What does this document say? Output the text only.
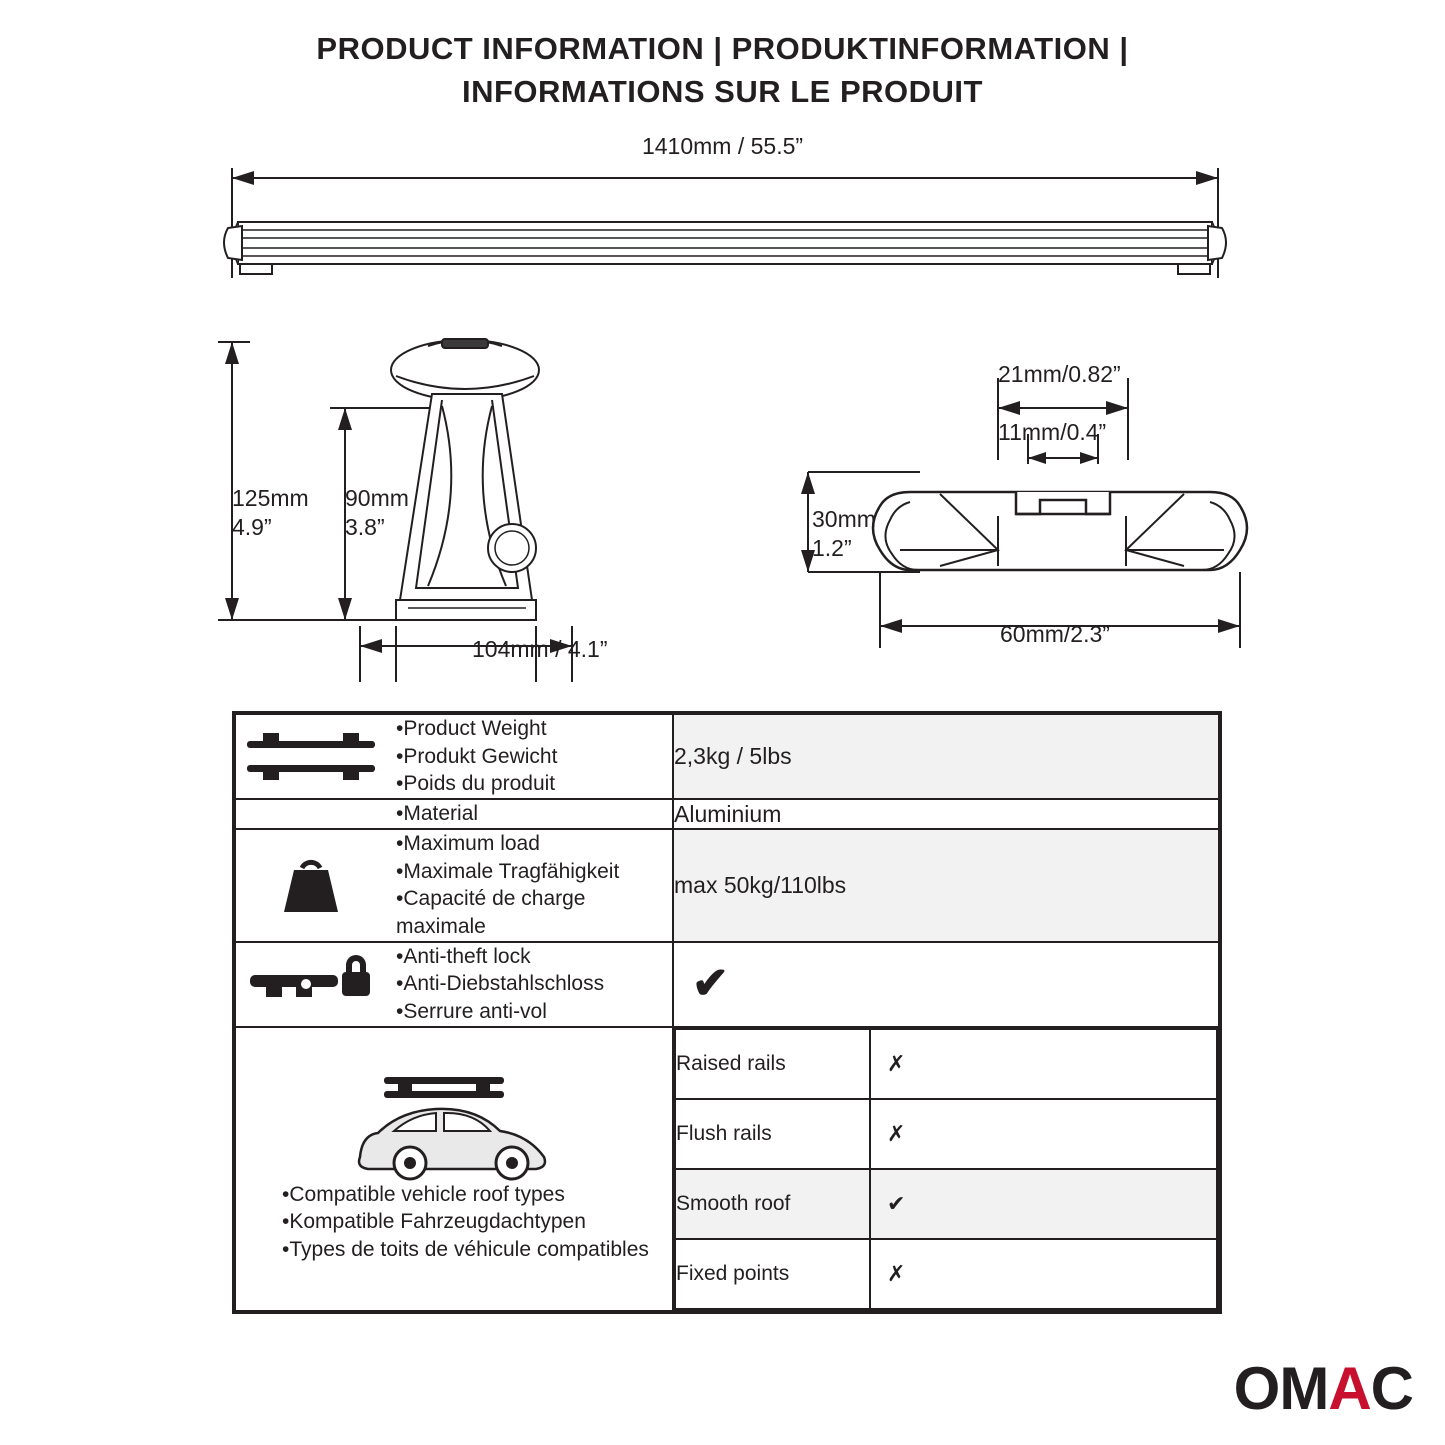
PRODUCT INFORMATION | PRODUKTINFORMATION |
INFORMATIONS SUR LE PRODUIT
1410mm / 55.5”
125mm
4.9”
90mm
3.8”
104mm / 4.1”
21mm/0.82”
11mm/0.4”
30mm
1.2”
60mm/2.3”
•Product Weight
•Produkt Gewicht
•Poids du produit
	2,3kg / 5lbs

•Material	Aluminium

•Maximum load
•Maximale Tragfähigkeit
•Capacité de charge maximale
	max 50kg/110lbs

•Anti-theft lock
•Anti-Diebstahlschloss
•Serrure anti-vol

✔

•Compatible vehicle roof types
•Kompatible Fahrzeugdachtypen
•Types de toits de véhicule compatibles

Raised rails	✗
Flush rails	✗
Smooth roof	✔
Fixed points	✗
O M A C
